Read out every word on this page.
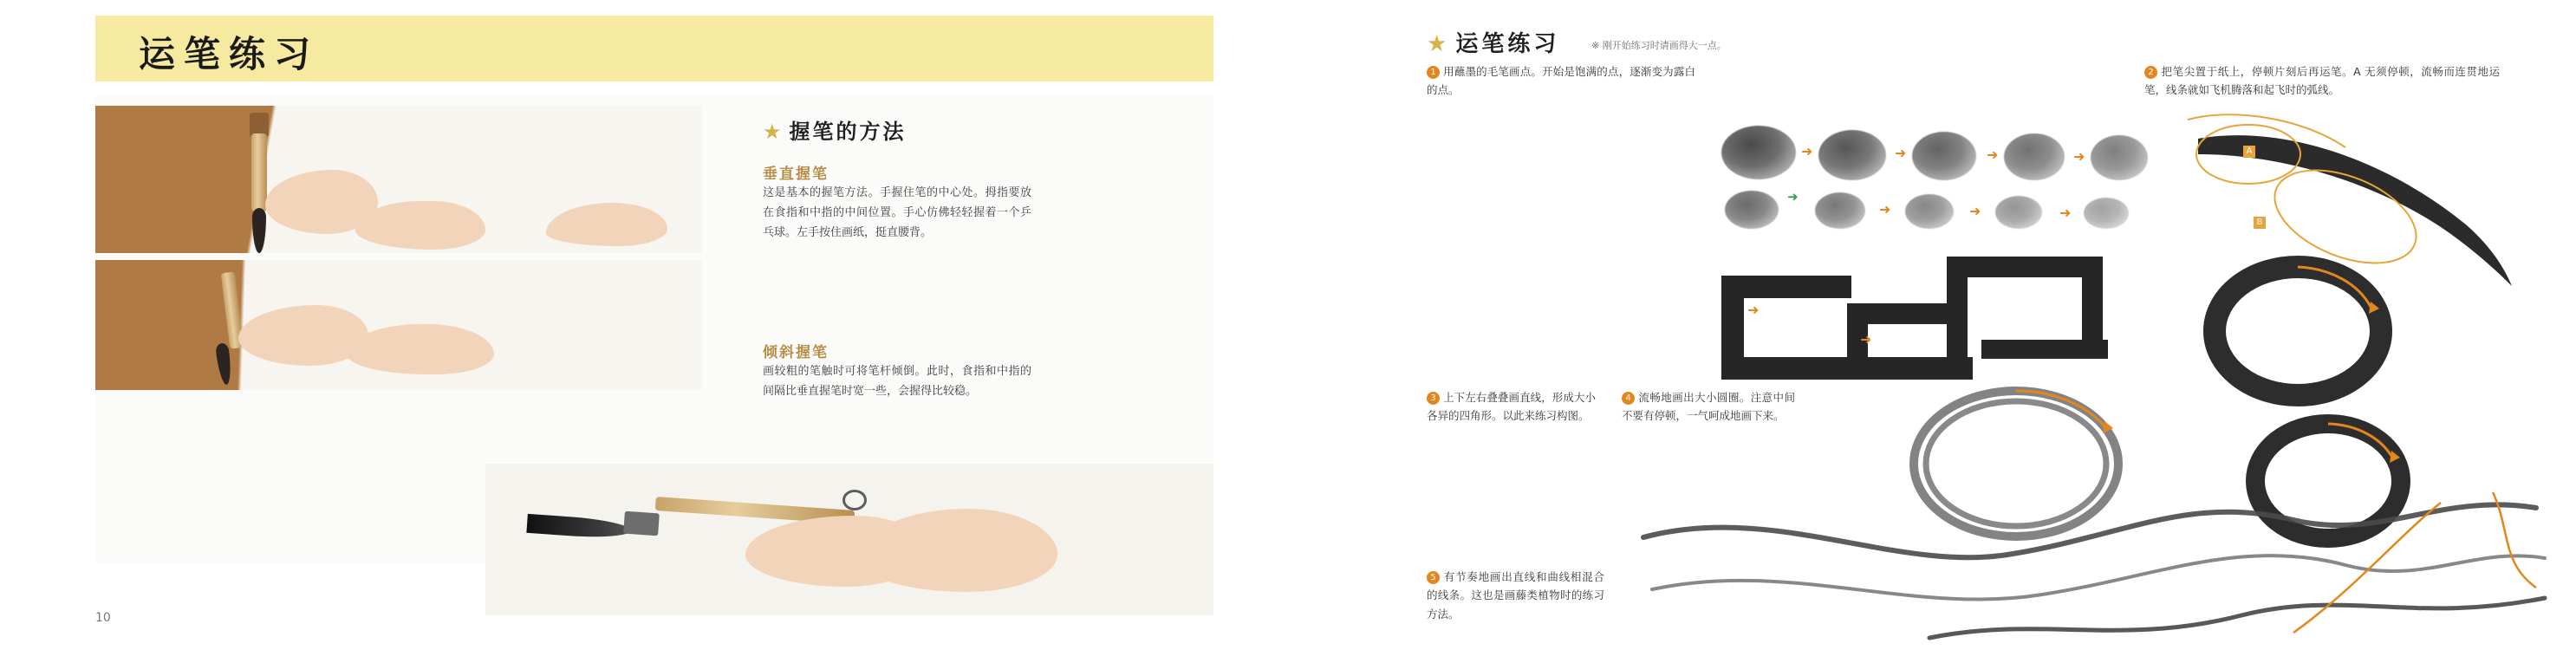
运笔练习
★ 握笔的方法
垂直握笔
这是基本的握笔方法。手握住笔的中心处。拇指要放在食指和中指的中间位置。手心仿佛轻轻握着一个乒乓球。左手按住画纸，挺直腰背。
倾斜握笔
画较粗的笔触时可将笔杆倾倒。此时，食指和中指的间隔比垂直握笔时宽一些，会握得比较稳。
10
★ 运笔练习	※ 刚开始练习时请画得大一点。
1 用蘸墨的毛笔画点。开始是饱满的点，逐渐变为露白的点。
2 把笔尖置于纸上，停顿片刻后再运笔。A 无须停顿，流畅而连贯地运笔，线条就如飞机腾落和起飞时的弧线。
3 上下左右叠叠画直线，形成大小各异的四角形。以此来练习构图。
4 流畅地画出大小圆圈。注意中间不要有停顿，一气呵成地画下来。
5 有节奏地画出直线和曲线相混合的线条。这也是画藤类植物时的练习方法。
➜	➜	➜	➜
➜
➜	➜	➜
➜
➜
A
B
